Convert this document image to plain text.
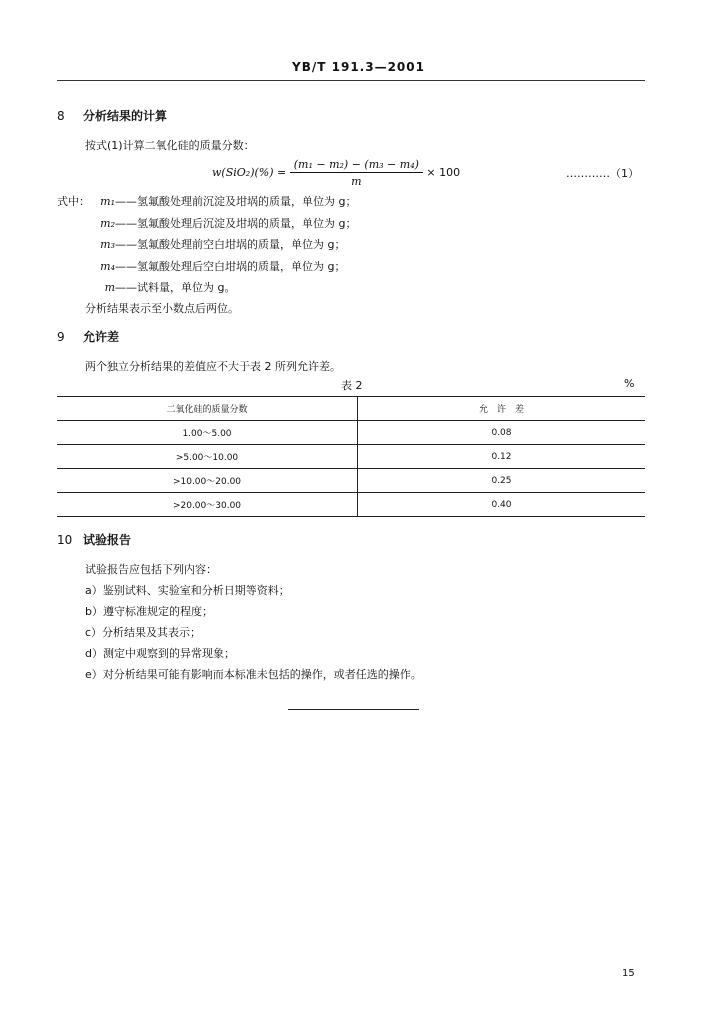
YB/T 191.3—2001
8 分析结果的计算
按式(1)计算二氧化硅的质量分数：
$w(SiO_2)(\%) = \frac{\text{(m₁ − m₂) − (m₃ − m₄)}}{m} \times 100$	…………（1）
式中： m₁——氢氟酸处理前沉淀及坩埚的质量，单位为 g；
m₂——氢氟酸处理后沉淀及坩埚的质量，单位为 g；
m₃——氢氟酸处理前空白坩埚的质量，单位为 g；
m₄——氢氟酸处理后空白坩埚的质量，单位为 g；
m——试料量，单位为 g。
分析结果表示至小数点后两位。
9 允许差
两个独立分析结果的差值应不大于表 2 所列允许差。
表 2	%
二氧化硅的质量分数	允　许　差
1.00～5.00	0.08
>5.00～10.00	0.12
>10.00～20.00	0.25
>20.00～30.00	0.40
10 试验报告
试验报告应包括下列内容：
a）鉴别试料、实验室和分析日期等资料；
b）遵守标准规定的程度；
c）分析结果及其表示；
d）测定中观察到的异常现象；
e）对分析结果可能有影响而本标准未包括的操作，或者任选的操作。
15
